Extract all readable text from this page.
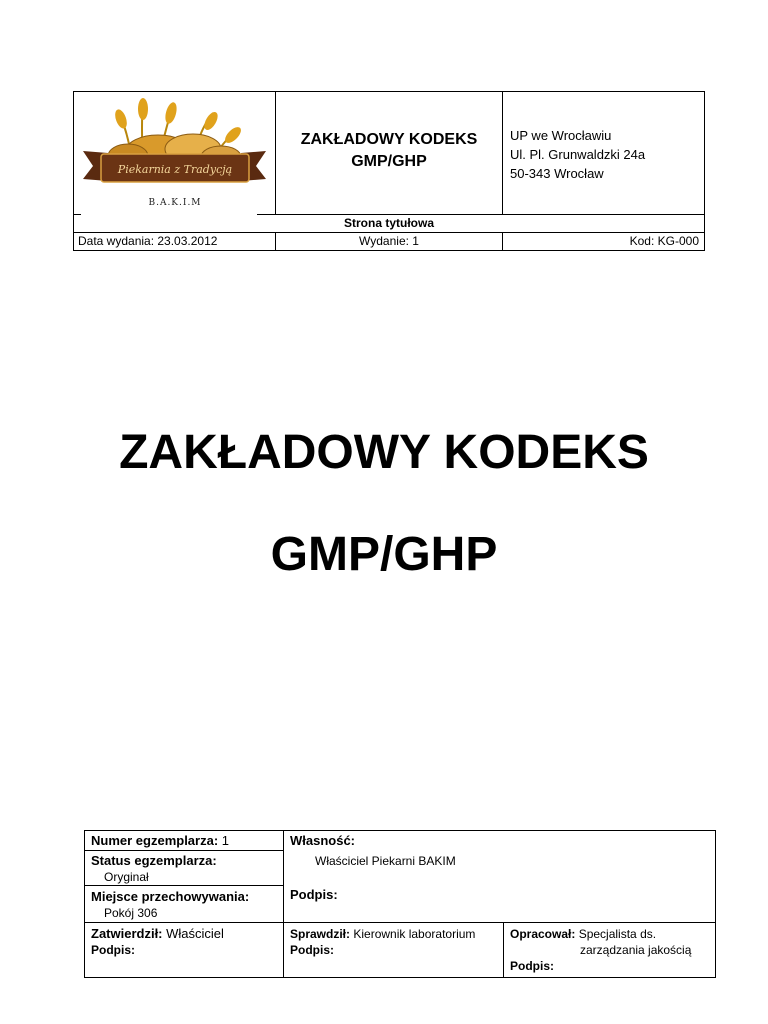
Piekarnia z Tradycją
B.A.K.I.M
ZAKŁADOWY KODEKS
GMP/GHP
UP we Wrocławiu
Ul. Pl. Grunwaldzki 24a
50-343 Wrocław
Strona tytułowa
Data wydania: 23.03.2012	Wydanie: 1	Kod: KG-000
ZAKŁADOWY KODEKS
GMP/GHP
Numer egzemplarza: 1
Status egzemplarza:
Oryginał
Miejsce przechowywania:
Pokój 306
Zatwierdził: Właściciel
Podpis:
Własność:
Właściciel Piekarni BAKIM
Podpis:
Sprawdził: Kierownik laboratorium
Podpis:
Opracował: Specjalista ds.
zarządzania jakością
Podpis:
